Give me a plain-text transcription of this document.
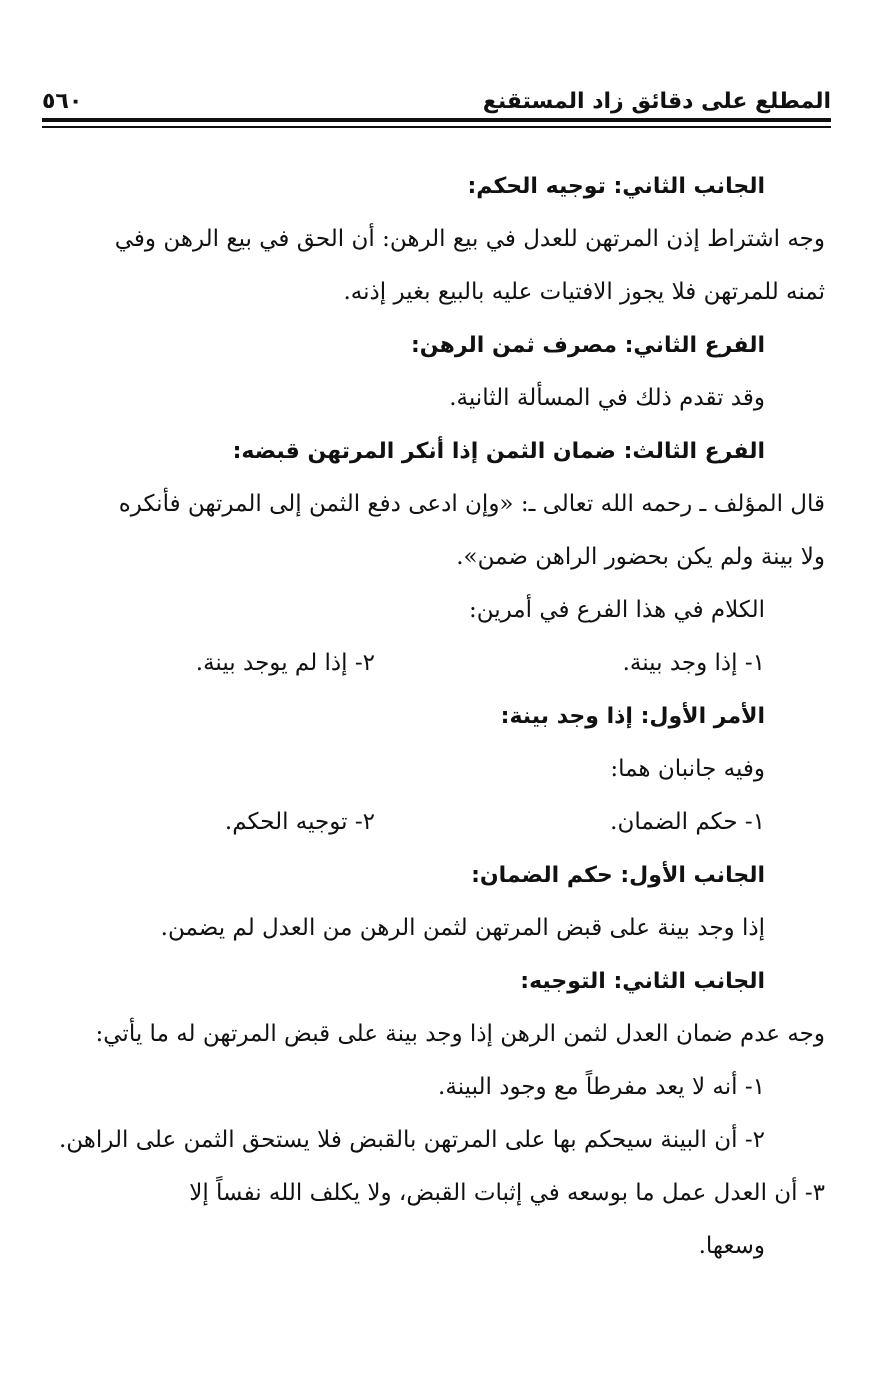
المطلع على دقائق زاد المستقنع
٥٦٠
الجانب الثاني: توجيه الحكم:
وجه اشتراط إذن المرتهن للعدل في بيع الرهن: أن الحق في بيع الرهن وفي
ثمنه للمرتهن فلا يجوز الافتيات عليه بالبيع بغير إذنه.
الفرع الثاني: مصرف ثمن الرهن:
وقد تقدم ذلك في المسألة الثانية.
الفرع الثالث: ضمان الثمن إذا أنكر المرتهن قبضه:
قال المؤلف ـ رحمه الله تعالى ـ: «وإن ادعى دفع الثمن إلى المرتهن فأنكره
ولا بينة ولم يكن بحضور الراهن ضمن».
الكلام في هذا الفرع في أمرين:
١- إذا وجد بينة.
٢- إذا لم يوجد بينة.
الأمر الأول: إذا وجد بينة:
وفيه جانبان هما:
١- حكم الضمان.
٢- توجيه الحكم.
الجانب الأول: حكم الضمان:
إذا وجد بينة على قبض المرتهن لثمن الرهن من العدل لم يضمن.
الجانب الثاني: التوجيه:
وجه عدم ضمان العدل لثمن الرهن إذا وجد بينة على قبض المرتهن له ما يأتي:
١- أنه لا يعد مفرطاً مع وجود البينة.
٢- أن البينة سيحكم بها على المرتهن بالقبض فلا يستحق الثمن على الراهن.
٣- أن العدل عمل ما بوسعه في إثبات القبض، ولا يكلف الله نفساً إلا
وسعها.
